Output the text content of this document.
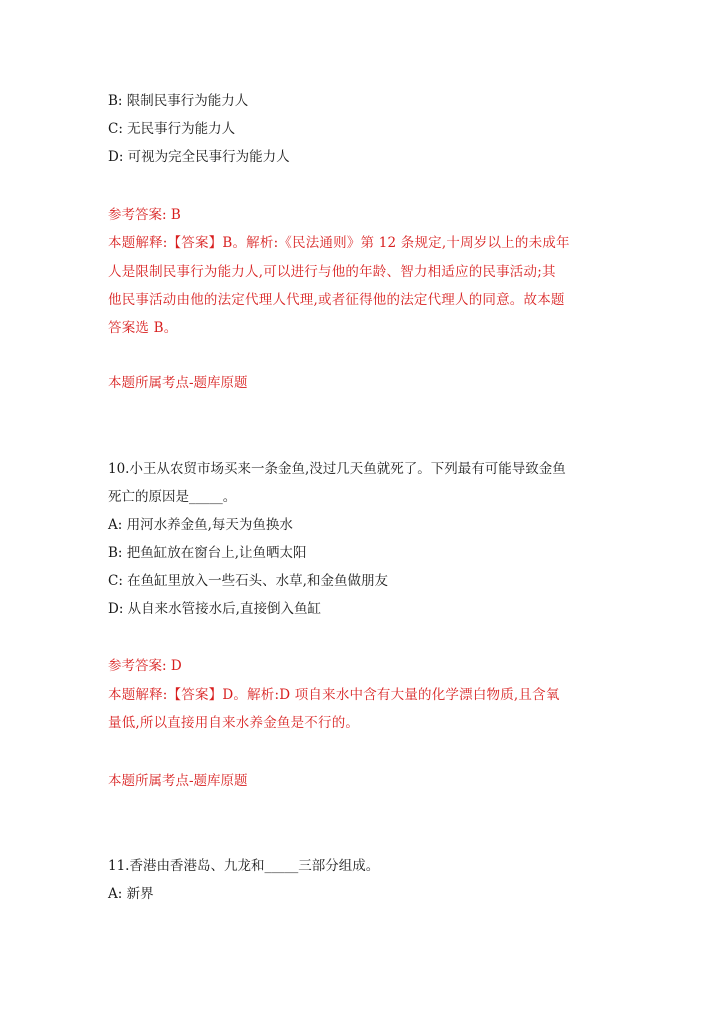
B: 限制民事行为能力人
C: 无民事行为能力人
D: 可视为完全民事行为能力人
参考答案: B
本题解释:【答案】B。解析:《民法通则》第 12 条规定,十周岁以上的未成年
人是限制民事行为能力人,可以进行与他的年龄、智力相适应的民事活动;其
他民事活动由他的法定代理人代理,或者征得他的法定代理人的同意。故本题
答案选 B。
本题所属考点-题库原题
10.小王从农贸市场买来一条金鱼,没过几天鱼就死了。下列最有可能导致金鱼
死亡的原因是_____。
A: 用河水养金鱼,每天为鱼换水
B: 把鱼缸放在窗台上,让鱼晒太阳
C: 在鱼缸里放入一些石头、水草,和金鱼做朋友
D: 从自来水管接水后,直接倒入鱼缸
参考答案: D
本题解释:【答案】D。解析:D 项自来水中含有大量的化学漂白物质,且含氧
量低,所以直接用自来水养金鱼是不行的。
本题所属考点-题库原题
11.香港由香港岛、九龙和_____三部分组成。
A: 新界
